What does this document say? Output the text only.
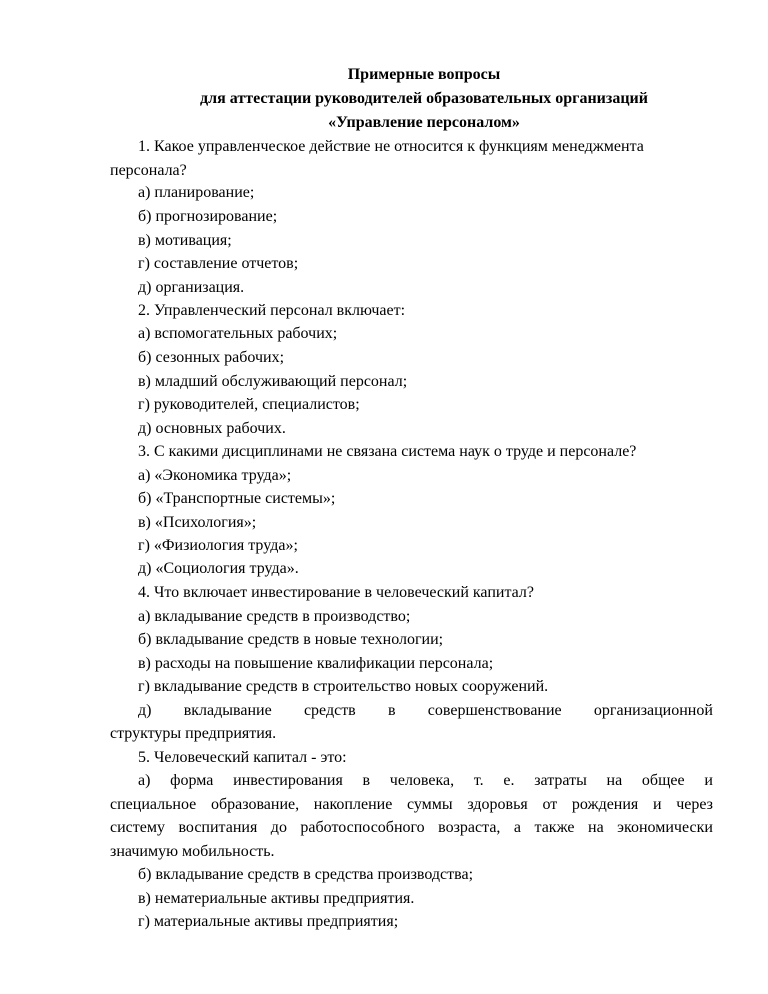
Примерные вопросы
для аттестации руководителей образовательных организаций
«Управление персоналом»
1. Какое управленческое действие не относится к функциям менеджмента
персонала?
а) планирование;
б) прогнозирование;
в) мотивация;
г) составление отчетов;
д) организация.
2. Управленческий персонал включает:
а) вспомогательных рабочих;
б) сезонных рабочих;
в) младший обслуживающий персонал;
г) руководителей, специалистов;
д) основных рабочих.
3. С какими дисциплинами не связана система наук о труде и персонале?
а) «Экономика труда»;
б) «Транспортные системы»;
в) «Психология»;
г) «Физиология труда»;
д) «Социология труда».
4. Что включает инвестирование в человеческий капитал?
а) вкладывание средств в производство;
б) вкладывание средств в новые технологии;
в) расходы на повышение квалификации персонала;
г) вкладывание средств в строительство новых сооружений.
д) вкладывание средств в совершенствование организационной
структуры предприятия.
5. Человеческий капитал - это:
а) форма инвестирования в человека, т. е. затраты на общее и
специальное образование, накопление суммы здоровья от рождения и через
систему воспитания до работоспособного возраста, а также на экономически
значимую мобильность.
б) вкладывание средств в средства производства;
в) нематериальные активы предприятия.
г) материальные активы предприятия;
